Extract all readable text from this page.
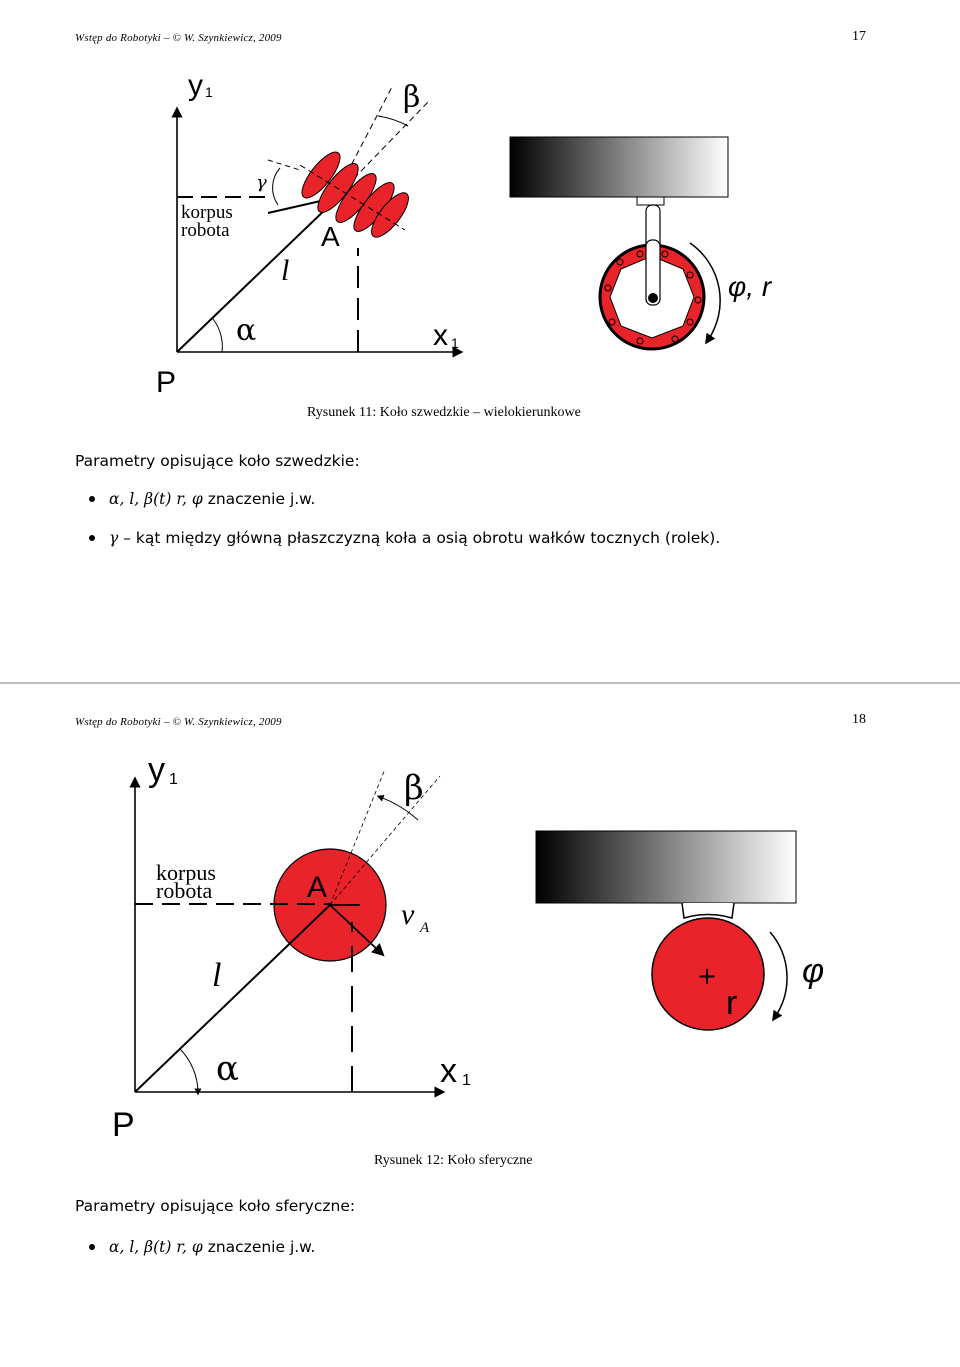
Wstęp do Robotyki – © W. Szynkiewicz, 2009	17
y 1
x 1
P
α
β
γ
l
A
korpus
robota
φ, r
Rysunek 11: Koło szwedzkie – wielokierunkowe
Parametry opisujące koło szwedzkie:
α, l, β(t) r, φ
znaczenie j.w.
γ
– kąt między główną płaszczyzną koła a osią obrotu wałków tocznych (rolek).
Wstęp do Robotyki – © W. Szynkiewicz, 2009	18
y 1
x 1
P
α
β
l
A
v A
korpus
robota
+
r
φ
Rysunek 12: Koło sferyczne
Parametry opisujące koło sferyczne:
α, l, β(t) r, φ
znaczenie j.w.
